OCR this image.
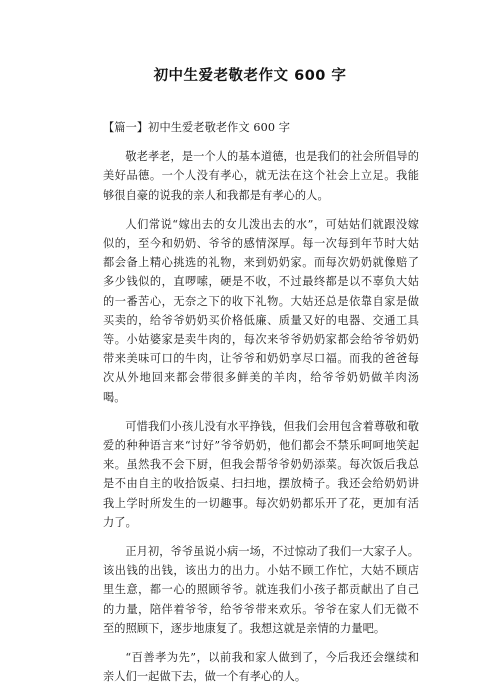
初中生爱老敬老作文 600 字

【篇一】初中生爱老敬老作文 600 字

敬老孝老，是一个人的基本道德，也是我们的社会所倡导的美好品德。一个人没有孝心，就无法在这个社会上立足。我能够很自豪的说我的亲人和我都是有孝心的人。

人们常说“嫁出去的女儿泼出去的水”，可姑姑们就跟没嫁似的，至今和奶奶、爷爷的感情深厚。每一次每到年节时大姑都会备上精心挑选的礼物，来到奶奶家。而每次奶奶就像赔了多少钱似的，直啰嗦，硬是不收，不过最终都是以不辜负大姑的一番苦心，无奈之下的收下礼物。大姑还总是依靠自家是做买卖的，给爷爷奶奶买价格低廉、质量又好的电器、交通工具等。小姑婆家是卖牛肉的，每次来爷爷奶奶家都会给爷爷奶奶带来美味可口的牛肉，让爷爷和奶奶享尽口福。而我的爸爸每次从外地回来都会带很多鲜美的羊肉，给爷爷奶奶做羊肉汤喝。

可惜我们小孩儿没有水平挣钱，但我们会用包含着尊敬和敬爱的种种语言来“讨好”爷爷奶奶，他们都会不禁乐呵呵地笑起来。虽然我不会下厨，但我会帮爷爷奶奶添菜。每次饭后我总是不由自主的收拾饭桌、扫扫地，摆放椅子。我还会给奶奶讲我上学时所发生的一切趣事。每次奶奶都乐开了花，更加有活力了。

正月初，爷爷虽说小病一场，不过惊动了我们一大家子人。该出钱的出钱，该出力的出力。小姑不顾工作忙，大姑不顾店里生意，都一心的照顾爷爷。就连我们小孩子都贡献出了自己的力量，陪伴着爷爷，给爷爷带来欢乐。爷爷在家人们无微不至的照顾下，逐步地康复了。我想这就是亲情的力量吧。

“百善孝为先”，以前我和家人做到了，今后我还会继续和亲人们一起做下去，做一个有孝心的人。
